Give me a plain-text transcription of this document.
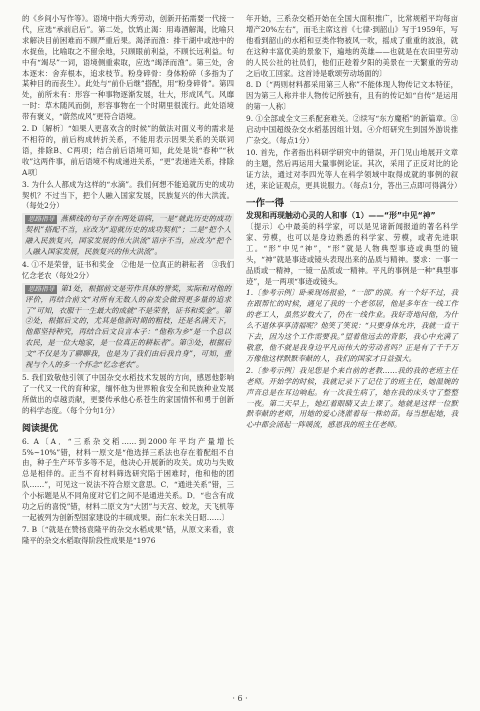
的《乡间小写作等》。语境中指大秀劳动，创新开拓需要一代接一代，应选“承前启后”。第二处，饮鸩止渴：用毒酒解渴，比喻只求解决目前困难而不顾严重后果。渴泽而渔：排干湖中或池中的水捉鱼，比喻取之不留余地，只顾眼前利益，不顾长远利益。句中有“竭尽”一词，语境侧重索取，应选“竭泽而渔”。第三处，舍本逐末：舍弃根本，追求枝节。粉身碎骨：身体粉碎（多指为了某种目的而丧生）。此处与“前仆后继”搭配，用“粉身碎骨”。第四处，前所未有：形容一种事物逐渐发展，壮大，形成风气。风靡一时：草木随风而倒，形容事物在一个时期里很流行。此处语境带有褒义，“蔚然成风”更符合语境。

2. D〔解析〕“如果人更喜欢含的时候”的做法对面义考的需求是不相符的，前后构成转折关系，不能用表示因果关系的关联词语，排除B、C两项；结合前后语境可知，此处是说“春种”“秋收”这两件事，前后语境不构成递进关系，“更”表递进关系，排除A项〕

3. 为什么人都成为这样的“水滴”。我们何想不能追就历史的成功契机？不过当下，把个人融入国家发展，民族复兴的伟大洪流。（每处2分）

思路指导 燕横线的句子存在两处语病，一是“就此历史的成功契机”搭配不当，应改为“迎就历史的成功契机”；二是“把个人融入民族复兴，国家发展的伟大洪流”语序不当，应改为“把个人融入国家发展，民族复兴的伟大洪流”。

4. ①不是荣誉，证书和奖金　②他是一位真正的耕耘者　③我们忆念老农（每处2分）

思路指导 第1处，根据前文是劳作具体的誉奖，实际和对他的评价，再结合前文“对所有无数人的奋发会做到更多量的追求了”可知，衣服干一生最大的成就“不是荣誉，证书和奖金”。第②处，根据后文的，尤其是他新时期的粗枝，还是名满天下，他都坚持种究，再结合后文良言本子：“他称为乡“是一个总以农民，是一位大地家，是一位真正的耕耘者”。第③处，根据后文“不仅是为了聊聊我，也是为了我们由后我自身”，可知，重视与个人的多一个怀念“忆念老农”。

5. 我们致敬他引领了中国杂交水稻技术发展的方向，感恩他影响了一代又一代的育种家，缅怀他为世界粮食安全和民族种业发展所做出的卓越贡献，更要传承他心系苍生的家国情怀和勇于创新的科学态度。（每个分句1分）

阅读提优

6. A〔A．“三系杂交稻……到2000年平均产量增长5%~10%”错，材料一原文是“他选择三系法也存在着配组不自由，种子生产环节多等不足，他决心开展新的攻关。成功与失败总是相伴的。正当不育材料筛选研究陷于困难时，他和他的团队……”，可见这一说法不符合原文意思。C．“通进关系”错，三个小标题是从不同角度对它们之间不是通进关系。D．“也含有成功之后的喜悦”错，材料二原文为“大团”与天宫、蛟龙，天飞机等一起被列为创新型国家建设的丰硕成果。南仁东未关日昭……〕

7. B〔“就是在赞扬袁隆平的杂交水稻成果”错，从原文来看，袁隆平的杂交水稻取得阶段性成果是“1976

年开始，三系杂交稻开始在全国大面积推广，比常规稻平均每亩增产20%左右”，而毛主席这首《七律·到韶山》写于1959年，写他看到韶山的水稻和豆类作物被风一吹，摇成了重重的波浪，就在这种丰富优美的景象下，遍地的英雄——也就是在农田里劳动的人民公社的社员们，他们正趁着夕阳的美景在一天繁重的劳动之后收工回家。这首诗是歌颂劳动场面的〕

8. D〔“两则材料都采用第三人称”不能体现人物传记文本特征，因为第三人称并非人物传记所独有，且有的传记如“自传”是运用的第一人称〕

9. ①全部或全文三系配套难关。②续写“东方魔稻”的新篇章。③启动中国超级杂交水稻基因组计划。④介绍研究生到国外游说推广杂交。（每点1分）

10. 首先，作者指出科研学研究中的错误，开门见山地展开文章的主题，然后再运用大量事例论证。其次，采用了正反对比的论证方法，通过对李四光等人在科学领域中取得成就的事例的叙述，来论证观点，更具说服力。（每点1分，答出三点即可得满分）

一作一得
发现和再现触动心灵的人和事（1）——“形”中见“神”

〔提示〕心中最美的科学家，可以是见诸新闻报道的著名科学家、劳模，也可以是身边熟悉的科学家、劳模，或者先进职工。“形”中见“神”，“形”就是人物典型事迹或典型的镜头，“神”就是事迹或镜头表现出来的品质与精神。要求：一事一品质或一精神，一镜一品质或一精神。平凡的事例是一种“典型事迹”，是一两项“事迹或镜头。

1.〔参考示例〕卧乘现场报验，“一部”的演。有一个好不过，我在跟帮忙的时候，遇见了我的一个老邻居，他是多年在一线工作的老工人，虽然岁数大了，仍在一线作业。我好奇地问他，为什么不退休享享清福呢？他笑了笑说：“只要身体允许，我就一直干下去，因为这个工作需要我。”望着他远去的背影，我心中充满了敬意，他不就是我身边平凡而伟大的劳动者吗？正是有了千千万万像他这样默默奉献的人，我们的国家才日益强大。

2.〔参考示例〕我见您是个来自前的老教……我的我的老班主任老师。开始学的时候，我就记录下了记住了的班主任，她温婉的声音总是在耳边响起。有一次我生病了，她在我的床头守了整整一夜。第二天早上，她红着眼睛又去上课了。她就是这样一位默默奉献的老师，用她的爱心浇灌着每一株幼苗。每当想起她，我心中都会涌起一阵暖流，感恩我的班主任老师。

· 6 ·
